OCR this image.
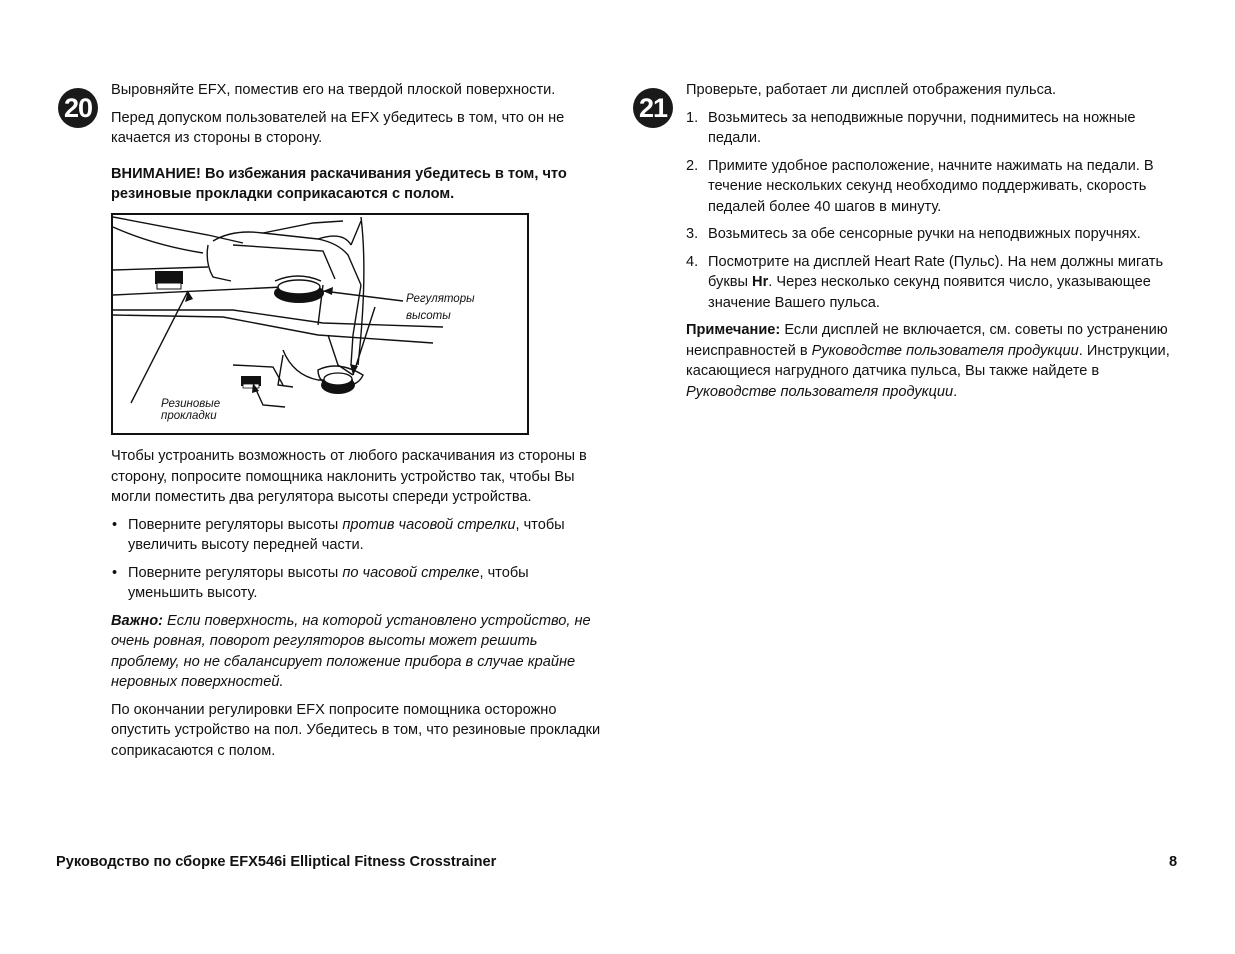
20

Выровняйте EFX, поместив его на твердой плоской поверхности.

Перед допуском пользователей на EFX убедитесь в том, что он не качается из стороны в сторону.

ВНИМАНИЕ! Во избежания раскачивания убедитесь в том, что резиновые прокладки соприкасаются с полом.

Регуляторы
высоты
Резиновые
прокладки

Чтобы устроанить возможность от любого раскачивания из стороны в сторону, попросите помощника наклонить устройство так, чтобы Вы могли поместить два регулятора высоты спереди устройства.

• Поверните регуляторы высоты против часовой стрелки, чтобы увеличить высоту передней части.
• Поверните регуляторы высоты по часовой стрелке, чтобы уменьшить высоту.

Важно: Если поверхность, на которой установлено устройство, не очень ровная, поворот регуляторов высоты может решить проблему, но не сбалансирует положение прибора в случае крайне неровных поверхностей.

По окончании регулировки EFX попросите помощника осторожно опустить устройство на пол. Убедитесь в том, что резиновые прокладки соприкасаются с полом.

21

Проверьте, работает ли дисплей отображения пульса.

1. Возьмитесь за неподвижные поручни, поднимитесь на ножные педали.
2. Примите удобное расположение, начните нажимать на педали. В течение нескольких секунд необходимо поддерживать, скорость
педалей более 40 шагов в минуту.
3. Возьмитесь за обе сенсорные ручки на неподвижных поручнях.
4. Посмотрите на дисплей Heart Rate (Пульс). На нем должны мигать буквы Hr. Через несколько секунд появится число, указывающее значение Вашего пульса.

Примечание: Если дисплей не включается, см. советы по устранению неисправностей в Руководстве пользователя продукции. Инструкции, касающиеся нагрудного датчика пульса, Вы также найдете в Руководстве пользователя продукции.

Руководство по сборке EFX546i Elliptical Fitness Crosstrainer	8
